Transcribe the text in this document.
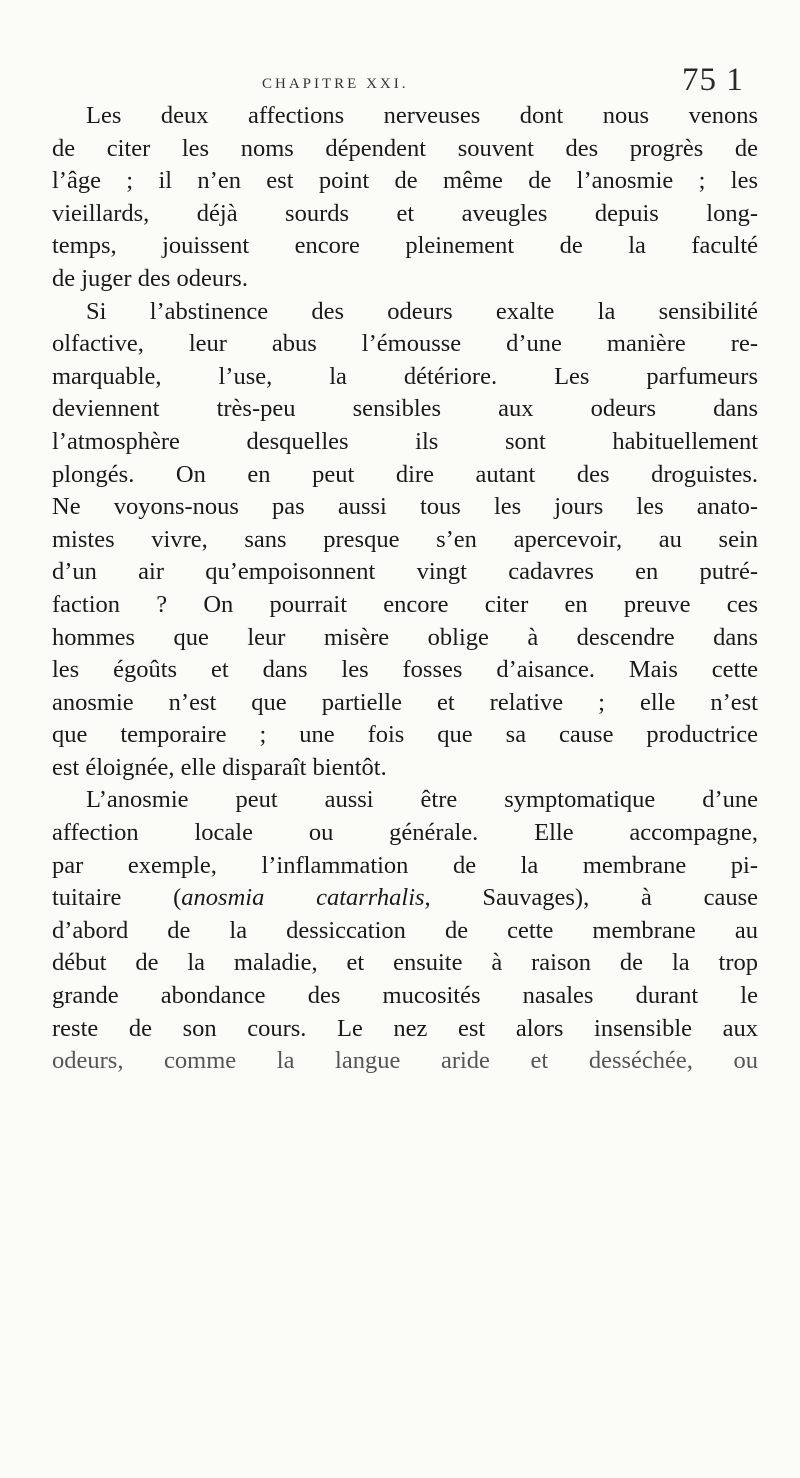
CHAPITRE XXI.	75 1
Les deux affections nerveuses dont nous venons
de citer les noms dépendent souvent des progrès de
l’âge ; il n’en est point de même de l’anosmie ; les
vieillards, déjà sourds et aveugles depuis long-
temps, jouissent encore pleinement de la faculté
de juger des odeurs.
Si l’abstinence des odeurs exalte la sensibilité
olfactive, leur abus l’émousse d’une manière re-
marquable, l’use, la détériore. Les parfumeurs
deviennent très-peu sensibles aux odeurs dans
l’atmosphère desquelles ils sont habituellement
plongés. On en peut dire autant des droguistes.
Ne voyons-nous pas aussi tous les jours les anato-
mistes vivre, sans presque s’en apercevoir, au sein
d’un air qu’empoisonnent vingt cadavres en putré-
faction ? On pourrait encore citer en preuve ces
hommes que leur misère oblige à descendre dans
les égoûts et dans les fosses d’aisance. Mais cette
anosmie n’est que partielle et relative ; elle n’est
que temporaire ; une fois que sa cause productrice
est éloignée, elle disparaît bientôt.
L’anosmie peut aussi être symptomatique d’une
affection locale ou générale. Elle accompagne,
par exemple, l’inflammation de la membrane pi-
tuitaire (anosmia catarrhalis, Sauvages), à cause
d’abord de la dessiccation de cette membrane au
début de la maladie, et ensuite à raison de la trop
grande abondance des mucosités nasales durant le
reste de son cours. Le nez est alors insensible aux
odeurs, comme la langue aride et desséchée, ou
